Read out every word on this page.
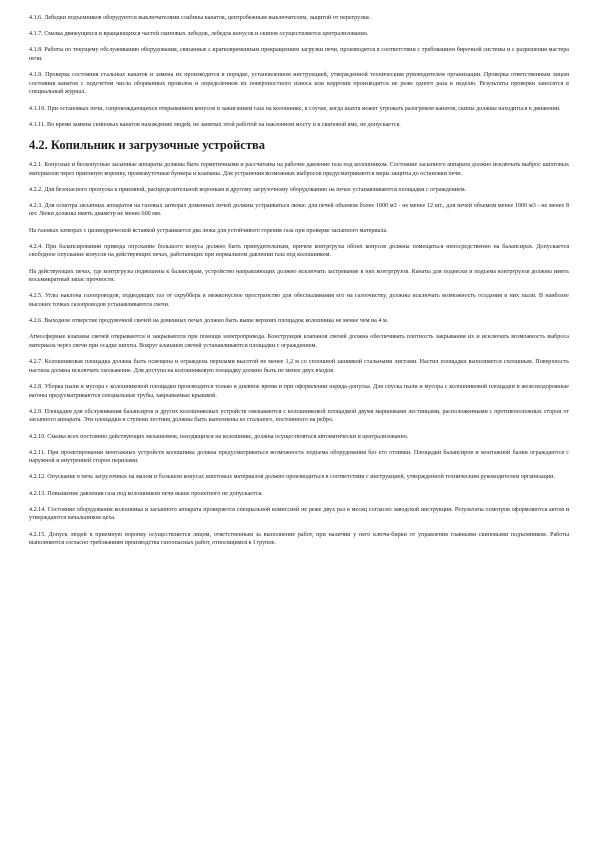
4.1.6. Лебедки подъемников оборудуются выключателями слабины канатов, центробежным выключателем, защитой от перегрузки.

4.1.7. Смазка движущихся и вращающихся частей скиповых лебедок, лебедок конусов и скипов осуществляется централизованно.

4.1.8. Работы по текущему обслуживанию оборудования, связанные с кратковременным прекращением загрузки печи, производятся в соответствии с требованием бирочной системы и с разрешения мастера печи.

4.1.9. Проверка состояния стальных канатов и замена их производятся в порядке, установленном инструкцией, утвержденной техническим руководителем организации. Проверка ответственным лицом состояния канатов с подсчетом числа оборванных проволок и определением их поверхностного износа или коррозии производится не реже одного раза в неделю. Результаты проверки заносятся в специальный журнал.

4.1.10. При остановках печи, сопровождающихся открыванием конусов и зажиганием газа на колошнике, в случае, когда шахта может угрожать разогревом канатов, скипы должны находиться в движении.

4.1.11. Во время замены скиповых канатов нахождение людей, не занятых этой работой на наклонном мосту и в скиповой яме, не допускается.

4.2. Копильник и загрузочные устройства

4.2.1. Конусные и бесконусные засыпные аппараты должны быть герметичными и рассчитаны на рабочее давление газа под колошником. Состояние засыпного аппарата должно исключать выброс шихтовых материалов через приемную воронку, промежуточные бункера и клапаны. Для устранения возможных выбросов предусматриваются меры защиты до остановки печи.

4.2.2. Для безопасного пропуска к приемной, распределительной воронкам и другому загрузочному оборудованию на печах устанавливаются площадки с ограждением.

4.2.3. Для осмотра засыпных аппаратов на газовых затворах доменных печей должны устраиваться люки: для печей объемом более 1000 м3 - не менее 12 шт., для печей объемом менее 1000 м3 - не менее 8 шт. Люки должны иметь диаметр не менее 600 мм.

На газовых затворах с цилиндрической вставкой устраивается два люка для устойчивого горения газа при проверке засыпного материала.

4.2.4. При балансировании привода опускание большого конуса должно быть принудительным, причем контргрузы обоих конусов должны помещаться непосредственно на балансирах. Допускается свободное опускание конусов на действующих печах, работающих при нормальном давлении газа под колошником.

На действующих печах, где контргрузы подвешены к балансирам, устройство направляющих должно исключать застревание в них контргрузов. Канаты для подвески и подъема контргрузов должны иметь восьмикратный запас прочности.

4.2.5. Углы наклона газопроводов, подводящих газ от скруббера в межконусное пространство для обеспыливания его на газоочистку, должны исключать возможность оседания в них пыли. В наиболее высоких точках газопроводов устанавливаются свечи.

4.2.6. Выходное отверстие продувочной свечей на доменных печах должно быть выше верхних площадок колошника не менее чем на 4 м.

Атмосферные клапаны свечей открываются и закрываются при помощи электропривода. Конструкция клапанов свечей должна обеспечивать плотность закрывания их и исключать возможность выброса материала через свечи при осадке шихты. Вокруг клапанов свечей устанавливаются площадки с ограждением.

4.2.7. Колошниковая площадка должна быть освещена и ограждена перилами высотой не менее 1,2 м со сплошной зашивкой стальными листами. Настил площадки выполняется сплошным. Поверхность настила должна исключать скольжение. Для доступа на колошниковую площадку должно быть не менее двух входов.

4.2.8. Уборка пыли и мусора с колошниковой площадки производится только в дневное время и при оформлении наряда-допуска. Для спуска пыли и мусора с колошниковой площадки в железнодорожные вагоны предусматриваются специальные трубы, закрываемые крышкой.

4.2.9. Площадки для обслуживания балансиров и других колошниковых устройств связываются с колошниковой площадкой двумя маршевыми лестницами, расположенными с противоположных сторон от засыпного аппарата. Эти площадки и ступени лестниц должны быть выполнены из стального, постоянного на ребро.

4.2.10. Смазка всех постоянно действующих механизмов, находящихся на колошнике, должна осуществляться автоматически и централизованно.

4.2.11. При проектировании монтажных устройств колошника должна предусматриваться возможность подъема оборудования без его отливки. Площадки балансиров и монтажной балки ограждаются с наружной и внутренней сторон перилами.

4.2.12. Опускание в печь загрузочных на малом и большом конусах шихтовых материалов должно производиться в соответствии с инструкцией, утвержденной техническим руководителем организации.

4.2.13. Повышение давления газа под колошником печи выше проектного не допускается.

4.2.14. Состояние оборудования колошника и засыпного аппарата проверяется специальной комиссией не реже двух раз в месяц согласно заводской инструкции. Результаты осмотров оформляются актом и утверждаются начальником цеха.

4.2.15. Допуск людей в приемную воронку осуществляется лицом, ответственным за выполнение работ, при наличии у него ключа-бирки от управления главными скиповыми подъемником. Работы выполняются согласно требованиям производства газоопасных работ, относящимся к I группе.
